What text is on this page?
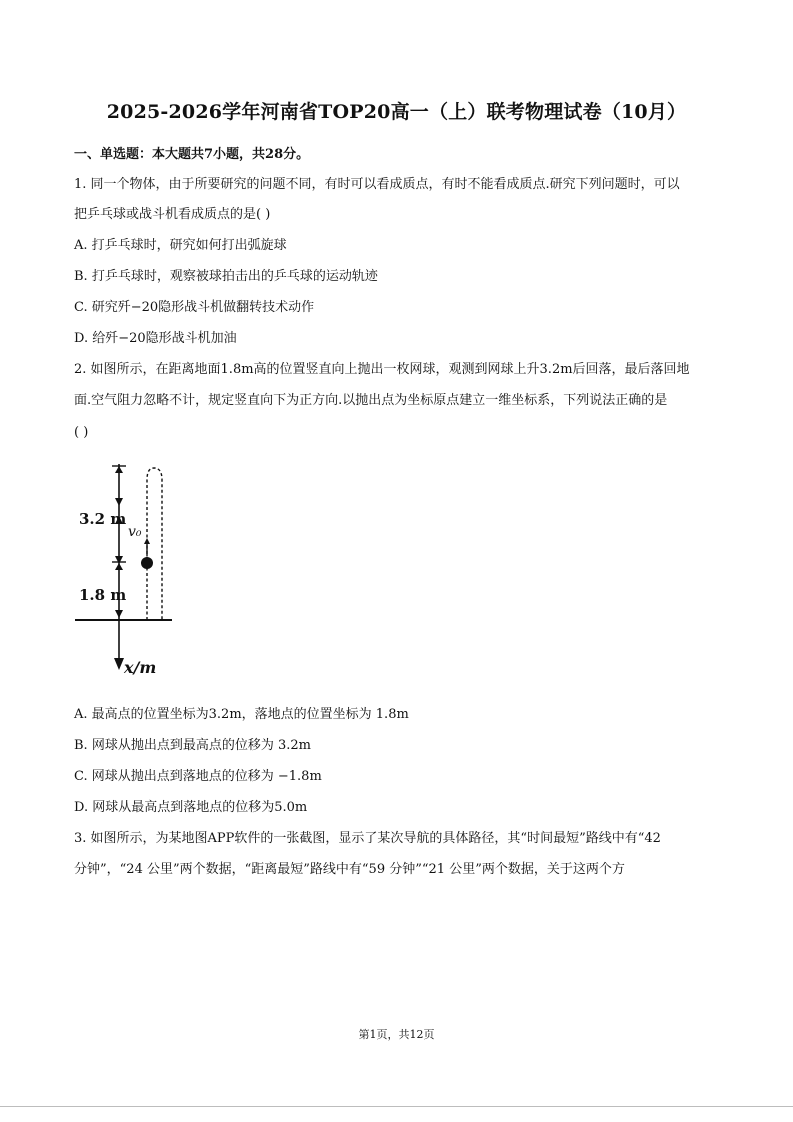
2025-2026学年河南省TOP20高一（上）联考物理试卷（10月）
一、单选题：本大题共7小题，共28分。
1. 同一个物体，由于所要研究的问题不同，有时可以看成质点，有时不能看成质点.研究下列问题时，可以
把乒乓球或战斗机看成质点的是( )
A. 打乒乓球时，研究如何打出弧旋球
B. 打乒乓球时，观察被球拍击出的乒乓球的运动轨迹
C. 研究歼−20隐形战斗机做翻转技术动作
D. 给歼−20隐形战斗机加油
2. 如图所示，在距离地面1.8m高的位置竖直向上抛出一枚网球，观测到网球上升3.2m后回落，最后落回地
面.空气阻力忽略不计，规定竖直向下为正方向.以抛出点为坐标原点建立一维坐标系，下列说法正确的是
( )
3.2 m
1.8 m
v₀
x/m
A. 最高点的位置坐标为3.2m，落地点的位置坐标为 1.8m
B. 网球从抛出点到最高点的位移为 3.2m
C. 网球从抛出点到落地点的位移为 −1.8m
D. 网球从最高点到落地点的位移为5.0m
3. 如图所示，为某地图APP软件的一张截图，显示了某次导航的具体路径，其“时间最短”路线中有“42
分钟”，“24 公里”两个数据，“距离最短”路线中有“59 分钟”“21 公里”两个数据，关于这两个方
第1页，共12页
